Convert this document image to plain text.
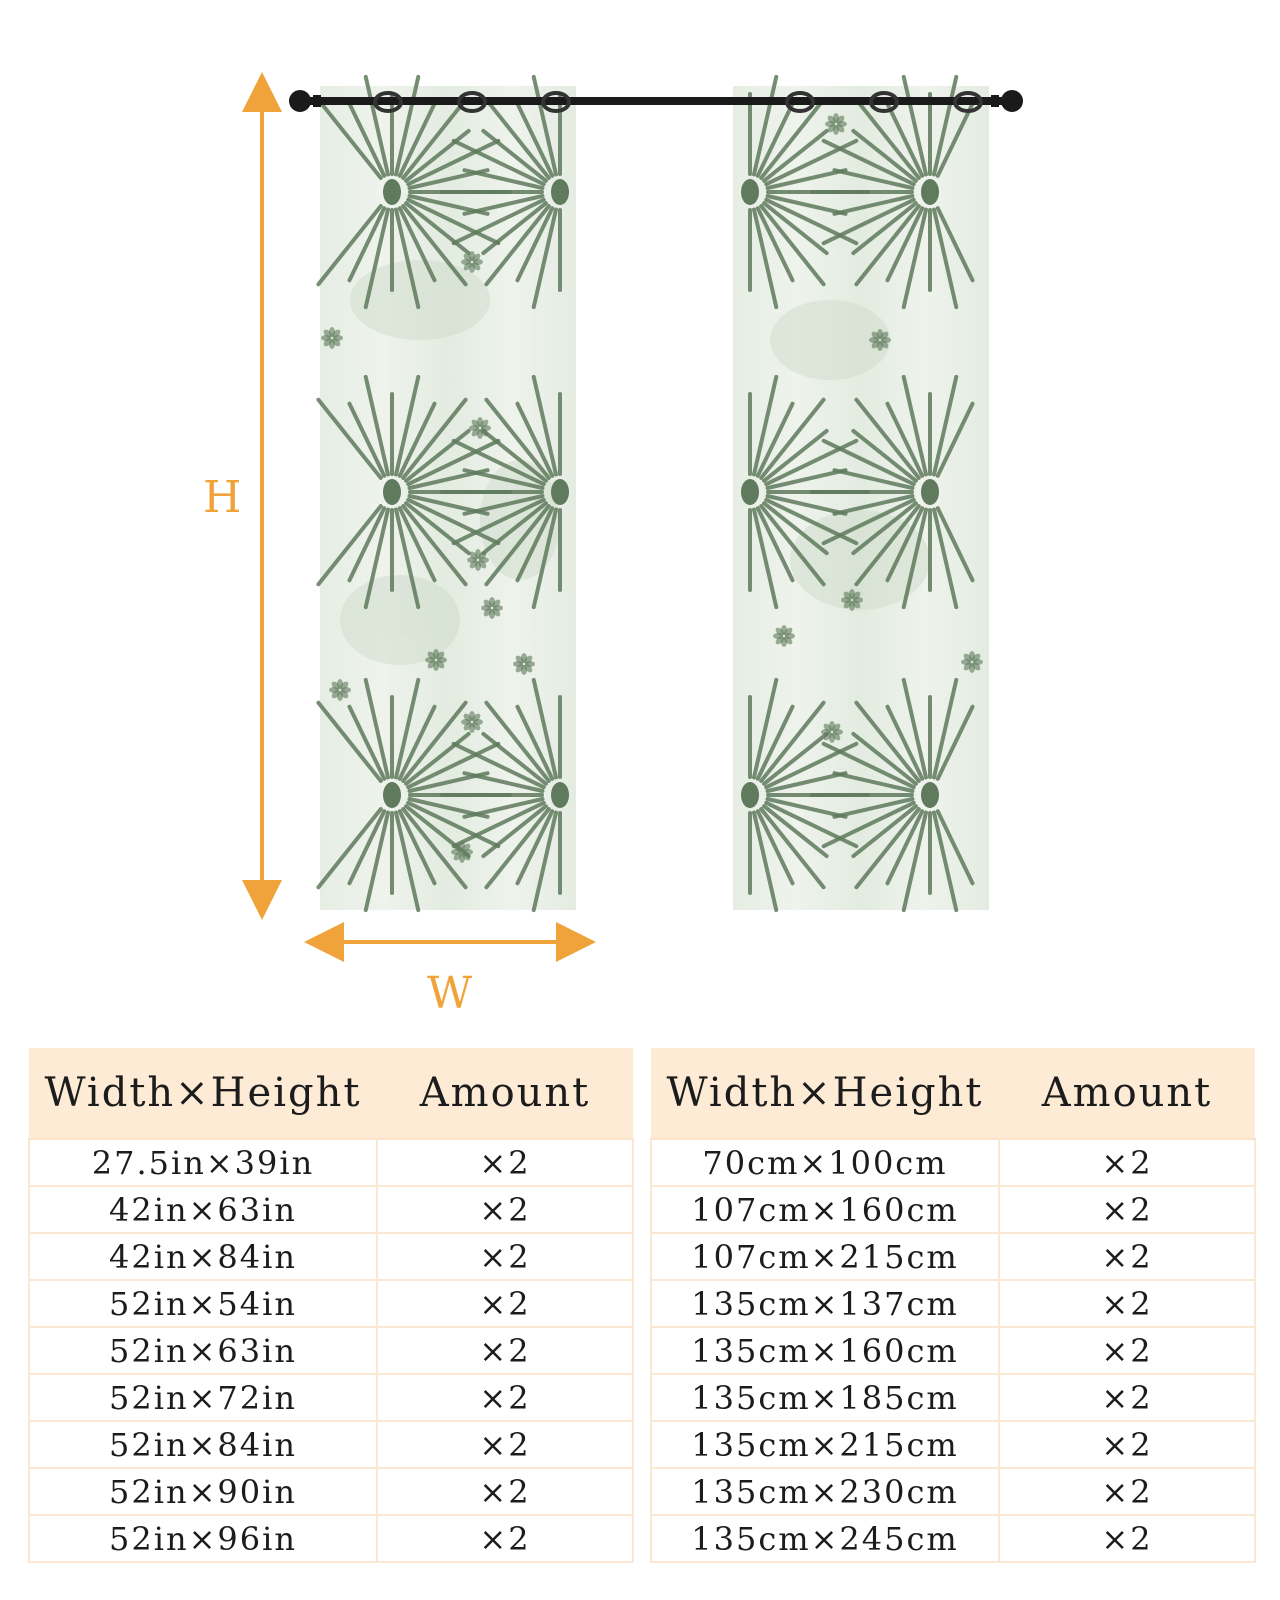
H
W
Width×Height	Amount
27.5in×39in	×2
42in×63in	×2
42in×84in	×2
52in×54in	×2
52in×63in	×2
52in×72in	×2
52in×84in	×2
52in×90in	×2
52in×96in	×2
Width×Height	Amount
70cm×100cm	×2
107cm×160cm	×2
107cm×215cm	×2
135cm×137cm	×2
135cm×160cm	×2
135cm×185cm	×2
135cm×215cm	×2
135cm×230cm	×2
135cm×245cm	×2
